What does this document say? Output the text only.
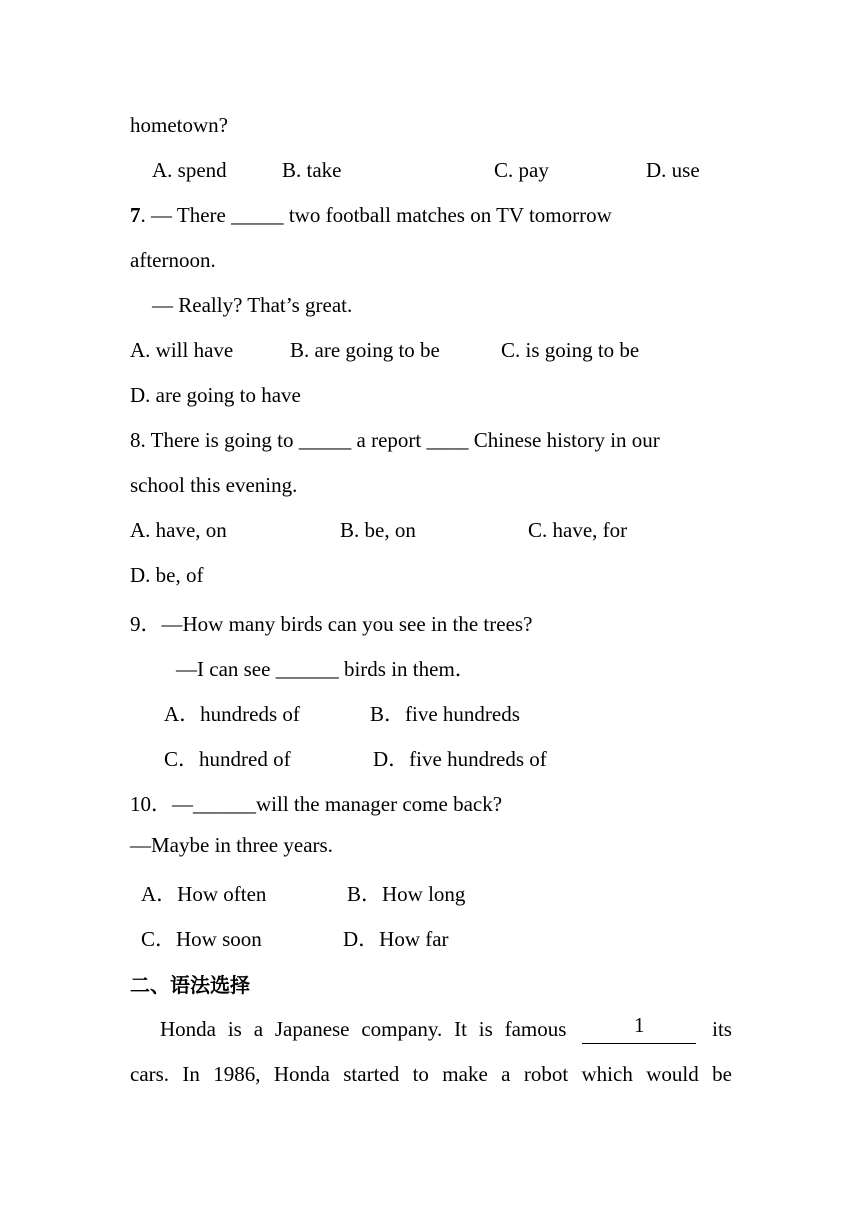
hometown?
A. spend	B. take	C. pay	D. use
7. — There _____ two football matches on TV tomorrow
afternoon.
— Really? That’s great.
A. will have	B. are going to be	C. is going to be
D. are going to have
8. There is going to _____ a report ____ Chinese history in our
school this evening.
A. have, on	B. be, on	C. have, for
D. be, of
9．—How many birds can you see in the trees?
—I can see ______ birds in them．
A．hundreds of	B．five hundreds
C．hundred of	D．five hundreds of
10．—______will the manager come back?
—Maybe in three years.
A．How often	B．How long
C．How soon	D．How far
二、语法选择
Honda is a Japanese company. It is famous	1	its
cars. In 1986, Honda started to make a robot which would be
